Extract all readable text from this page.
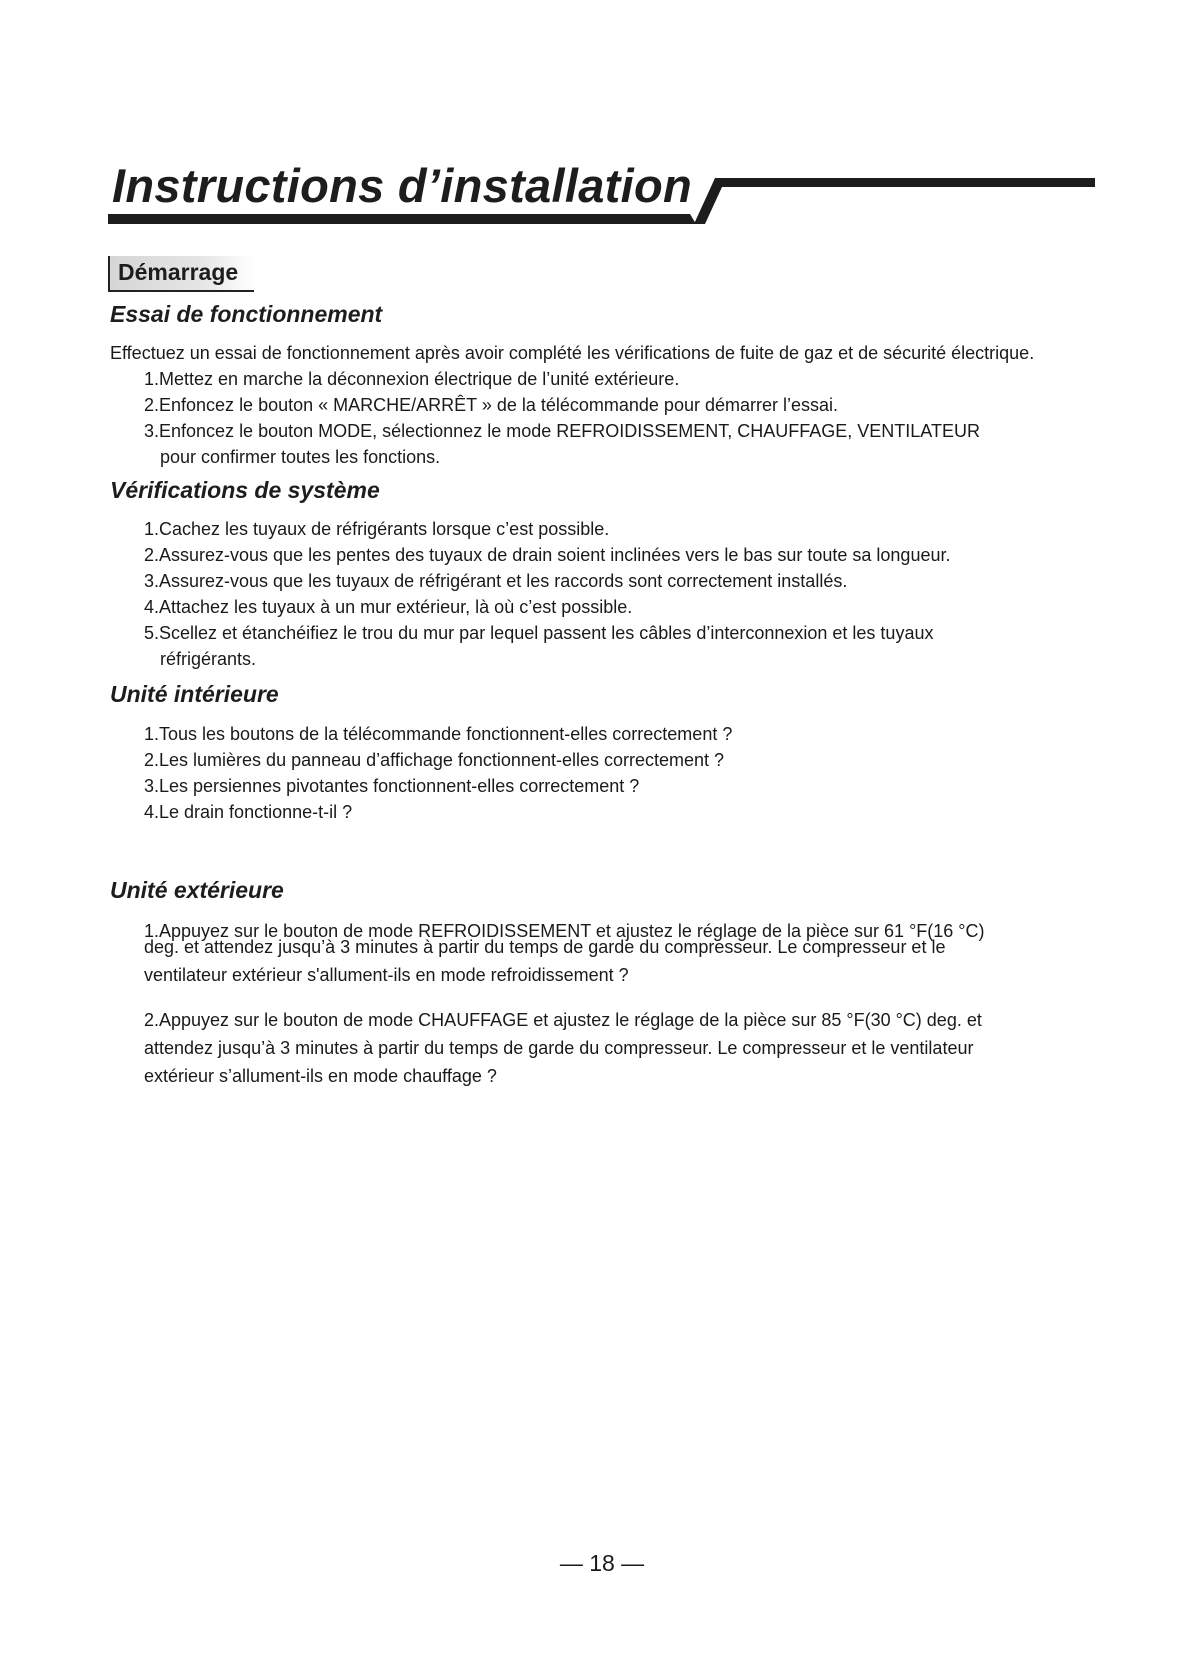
Instructions d’installation
Démarrage
Essai de fonctionnement
Effectuez un essai de fonctionnement après avoir complété les vérifications de fuite de gaz et de sécurité électrique.
1.Mettez en marche la déconnexion électrique de l’unité extérieure.
2.Enfoncez le bouton « MARCHE/ARRÊT » de la télécommande pour démarrer l’essai.
3.Enfoncez le bouton MODE, sélectionnez le mode REFROIDISSEMENT, CHAUFFAGE, VENTILATEUR
pour confirmer toutes les fonctions.
Vérifications de système
1.Cachez les tuyaux de réfrigérants lorsque c’est possible.
2.Assurez-vous que les pentes des tuyaux de drain soient inclinées vers le bas sur toute sa longueur.
3.Assurez-vous que les tuyaux de réfrigérant et les raccords sont correctement installés.
4.Attachez les tuyaux à un mur extérieur, là où c’est possible.
5.Scellez et étanchéifiez le trou du mur par lequel passent les câbles d’interconnexion et les tuyaux
réfrigérants.
Unité intérieure
1.Tous les boutons de la télécommande fonctionnent-elles correctement ?
2.Les lumières du panneau d’affichage fonctionnent-elles correctement ?
3.Les persiennes pivotantes fonctionnent-elles correctement ?
4.Le drain fonctionne-t-il ?
Unité extérieure

1.Appuyez sur le bouton de mode REFROIDISSEMENT et ajustez le réglage de la pièce sur 61 °F(16 °C)

deg. et attendez jusqu’à 3 minutes à partir du temps de garde du compresseur. Le compresseur et le

ventilateur extérieur s'allument-ils en mode refroidissement ?

2.Appuyez sur le bouton de mode CHAUFFAGE et ajustez le réglage de la pièce sur 85 °F(30 °C) deg. et

attendez jusqu’à 3 minutes à partir du temps de garde du compresseur. Le compresseur et le ventilateur

extérieur s’allument-ils en mode chauffage ?

— 18 —
